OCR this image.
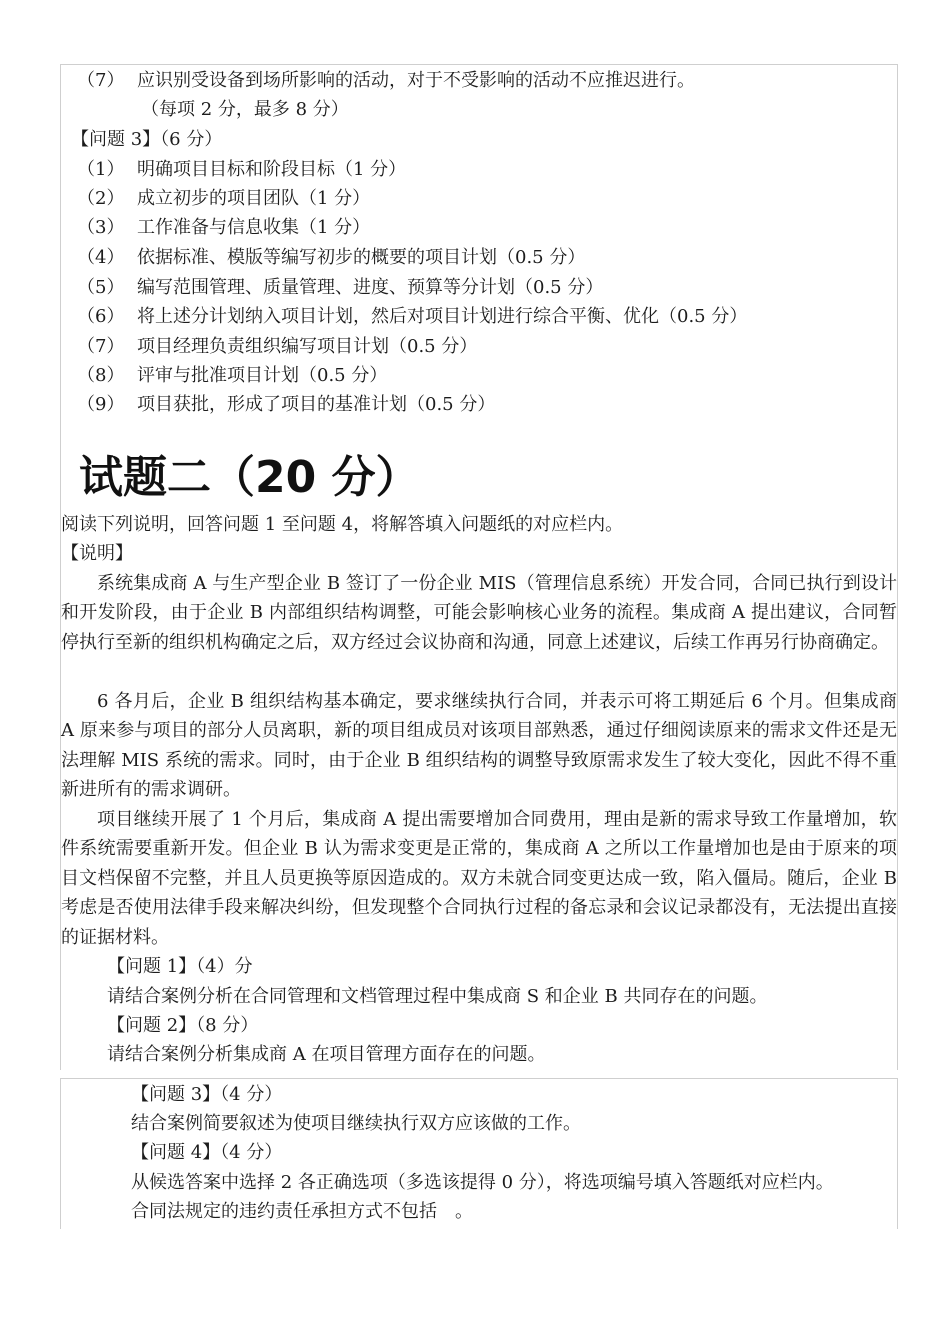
（7） 应识别受设备到场所影响的活动，对于不受影响的活动不应推迟进行。
（每项 2 分，最多 8 分）
【问题 3】（6 分）
（1） 明确项目目标和阶段目标（1 分）
（2） 成立初步的项目团队（1 分）
（3） 工作准备与信息收集（1 分）
（4） 依据标准、模版等编写初步的概要的项目计划（0.5 分）
（5） 编写范围管理、质量管理、进度、预算等分计划（0.5 分）
（6） 将上述分计划纳入项目计划，然后对项目计划进行综合平衡、优化（0.5 分）
（7） 项目经理负责组织编写项目计划（0.5 分）
（8） 评审与批准项目计划（0.5 分）
（9） 项目获批，形成了项目的基准计划（0.5 分）
试题二（20 分）
阅读下列说明，回答问题 1 至问题 4，将解答填入问题纸的对应栏内。
【说明】

系统集成商 A 与生产型企业 B 签订了一份企业 MIS（管理信息系统）开发合同，合同已执行到设计和开发阶段，由于企业 B 内部组织结构调整，可能会影响核心业务的流程。集成商 A 提出建议，合同暂停执行至新的组织机构确定之后，双方经过会议协商和沟通，同意上述建议，后续工作再另行协商确定。

6 各月后，企业 B 组织结构基本确定，要求继续执行合同，并表示可将工期延后 6 个月。但集成商 A 原来参与项目的部分人员离职，新的项目组成员对该项目部熟悉，通过仔细阅读原来的需求文件还是无法理解 MIS 系统的需求。同时，由于企业 B 组织结构的调整导致原需求发生了较大变化，因此不得不重新进所有的需求调研。

项目继续开展了 1 个月后，集成商 A 提出需要增加合同费用，理由是新的需求导致工作量增加，软件系统需要重新开发。但企业 B 认为需求变更是正常的，集成商 A 之所以工作量增加也是由于原来的项目文档保留不完整，并且人员更换等原因造成的。双方未就合同变更达成一致，陷入僵局。随后，企业 B 考虑是否使用法律手段来解决纠纷，但发现整个合同执行过程的备忘录和会议记录都没有，无法提出直接的证据材料。

【问题 1】（4）分
请结合案例分析在合同管理和文档管理过程中集成商 S 和企业 B 共同存在的问题。
【问题 2】（8 分）
请结合案例分析集成商 A 在项目管理方面存在的问题。
【问题 3】（4 分）
结合案例简要叙述为使项目继续执行双方应该做的工作。
【问题 4】（4 分）
从候选答案中选择 2 各正确选项（多选该提得 0 分），将选项编号填入答题纸对应栏内。
合同法规定的违约责任承担方式不包括　。
